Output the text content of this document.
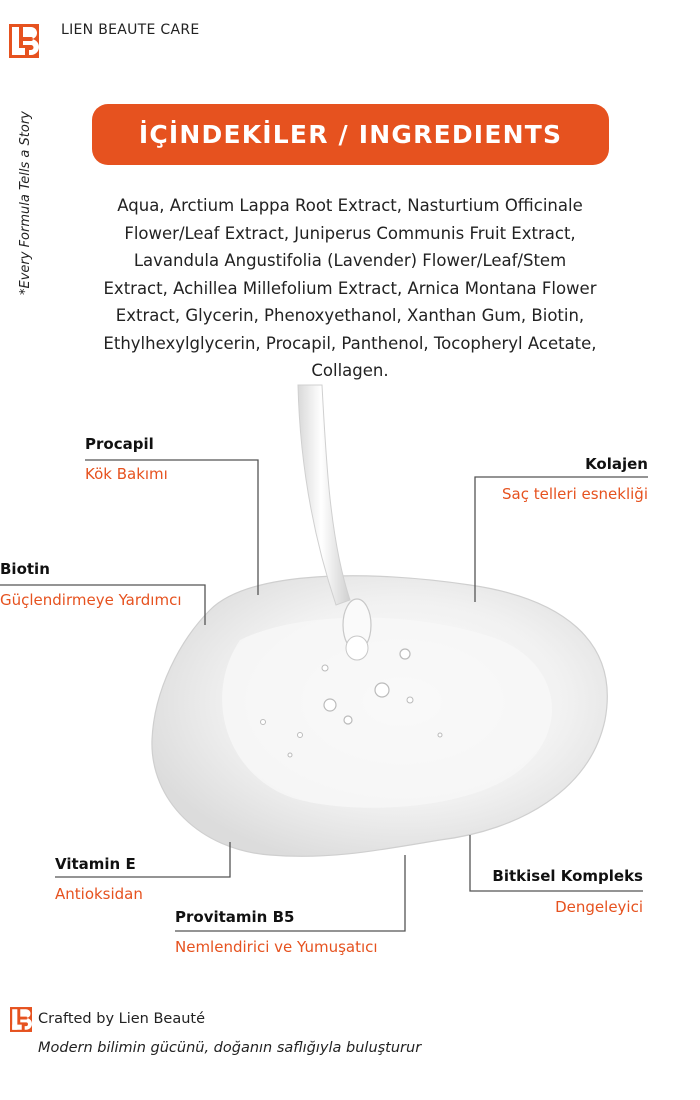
LIEN BEAUTE CARE
*Every Formula Tells a Story	İÇİNDEKİLER / INGREDIENTS
Aqua, Arctium Lappa Root Extract, Nasturtium Officinale
Flower/Leaf Extract, Juniperus Communis Fruit Extract,
Lavandula Angustifolia (Lavender) Flower/Leaf/Stem
Extract, Achillea Millefolium Extract, Arnica Montana Flower
Extract, Glycerin, Phenoxyethanol, Xanthan Gum, Biotin,
Ethylhexylglycerin, Procapil, Panthenol, Tocopheryl Acetate,
Collagen.
Procapil
Kök Bakımı
Kolajen
Saç telleri esnekliği
Biotin
Güçlendirmeye Yardımcı
Vitamin E
Antioksidan
Bitkisel Kompleks
Dengeleyici
Provitamin B5
Nemlendirici ve Yumuşatıcı
Crafted by Lien Beauté
Modern bilimin gücünü, doğanın saflığıyla buluşturur
